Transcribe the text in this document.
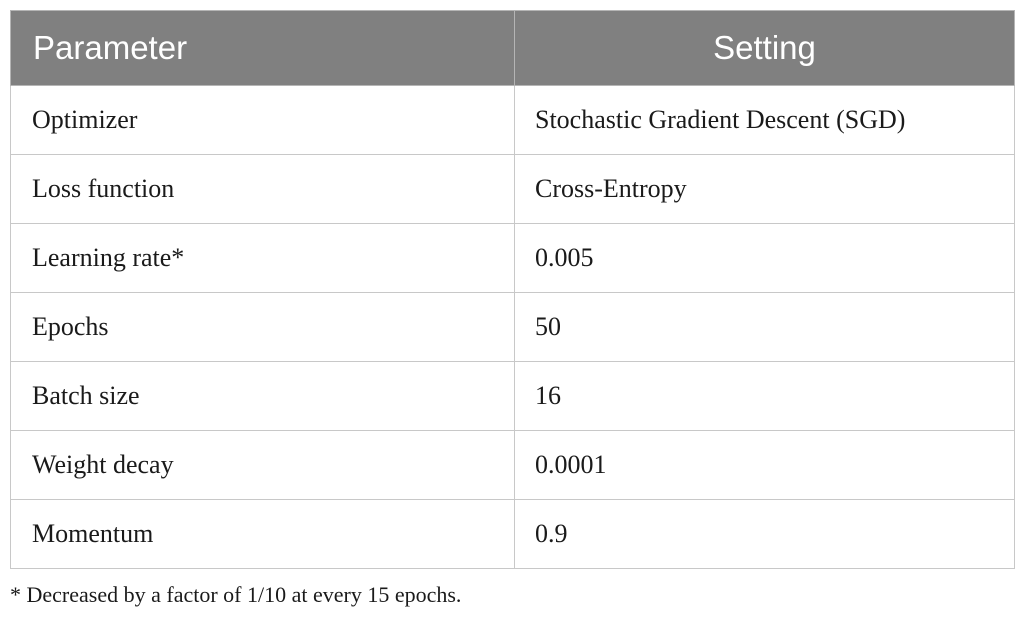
Parameter	Setting
Optimizer	Stochastic Gradient Descent (SGD)
Loss function	Cross-Entropy
Learning rate*	0.005
Epochs	50
Batch size	16
Weight decay	0.0001
Momentum	0.9
* Decreased by a factor of 1/10 at every 15 epochs.
